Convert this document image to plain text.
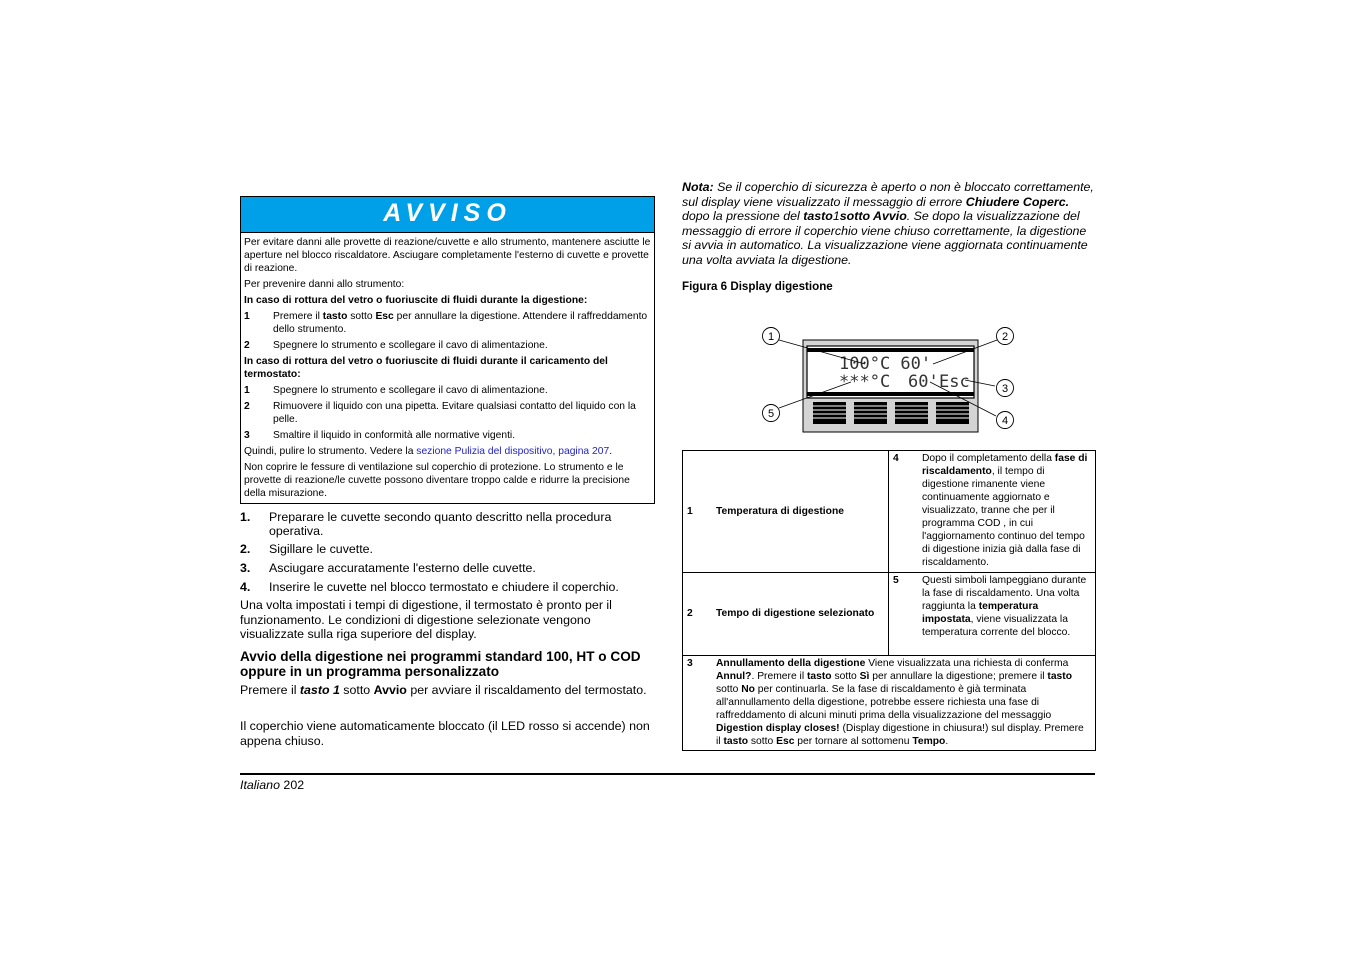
AVVISO

Per evitare danni alle provette di reazione/cuvette e allo strumento, mantenere asciutte le aperture nel blocco riscaldatore. Asciugare completamente l'esterno di cuvette e provette di reazione.

Per prevenire danni allo strumento:

In caso di rottura del vetro o fuoriuscite di fluidi durante la digestione:

1	Premere il tasto sotto Esc per annullare la digestione. Attendere il raffreddamento dello strumento.
2	Spegnere lo strumento e scollegare il cavo di alimentazione.

In caso di rottura del vetro o fuoriuscite di fluidi durante il caricamento del termostato:

1	Spegnere lo strumento e scollegare il cavo di alimentazione.
2	Rimuovere il liquido con una pipetta. Evitare qualsiasi contatto del liquido con la pelle.
3	Smaltire il liquido in conformità alle normative vigenti.

Quindi, pulire lo strumento. Vedere la sezione Pulizia del dispositivo, pagina 207.

Non coprire le fessure di ventilazione sul coperchio di protezione. Lo strumento e le provette di reazione/le cuvette possono diventare troppo calde e ridurre la precisione della misurazione.

1.	Preparare le cuvette secondo quanto descritto nella procedura operativa.
2.	Sigillare le cuvette.
3.	Asciugare accuratamente l'esterno delle cuvette.
4.	Inserire le cuvette nel blocco termostato e chiudere il coperchio.

Una volta impostati i tempi di digestione, il termostato è pronto per il funzionamento. Le condizioni di digestione selezionate vengono visualizzate sulla riga superiore del display.

Avvio della digestione nei programmi standard 100, HT o COD oppure in un programma personalizzato

Premere il tasto 1 sotto Avvio per avviare il riscaldamento del termostato.

Il coperchio viene automaticamente bloccato (il LED rosso si accende) non appena chiuso.

Nota: Se il coperchio di sicurezza è aperto o non è bloccato correttamente, sul display viene visualizzato il messaggio di errore Chiudere Coperc. dopo la pressione del tasto1sotto Avvio. Se dopo la visualizzazione del messaggio di errore il coperchio viene chiuso correttamente, la digestione si avvia in automatico. La visualizzazione viene aggiornata continuamente una volta avviata la digestione.

Figura 6 Display digestione

100°C 60'
***°C 60' Esc
1	2
3
4
5
1 Temperatura di digestione	4 Dopo il completamento della fase di riscaldamento, il tempo di digestione rimanente viene continuamente aggiornato e visualizzato, tranne che per il programma COD , in cui l'aggiornamento continuo del tempo di digestione inizia già dalla fase di riscaldamento.

2 Tempo di digestione selezionato	5 Questi simboli lampeggiano durante la fase di riscaldamento. Una volta raggiunta la temperatura impostata, viene visualizzata la temperatura corrente del blocco.

3 Annullamento della digestione Viene visualizzata una richiesta di conferma Annul?. Premere il tasto sotto Sì per annullare la digestione; premere il tasto sotto No per continuarla. Se la fase di riscaldamento è già terminata all'annullamento della digestione, potrebbe essere richiesta una fase di raffreddamento di alcuni minuti prima della visualizzazione del messaggio Digestion display closes! (Display digestione in chiusura!) sul display. Premere il tasto sotto Esc per tornare al sottomenu Tempo.	
Italiano 202
